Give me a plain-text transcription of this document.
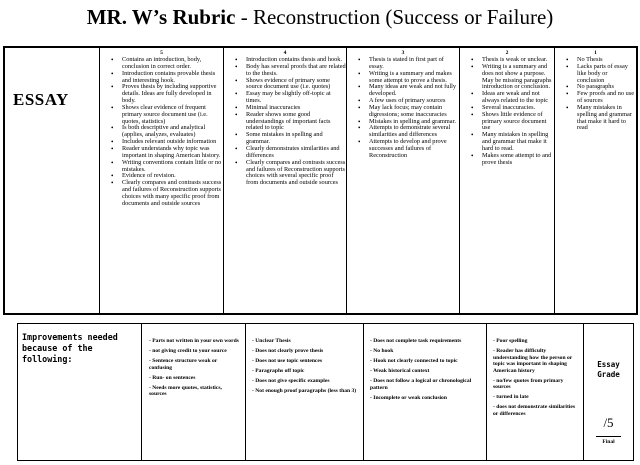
MR. W’s Rubric - Reconstruction (Success or Failure)
ESSAY
5
• Contains an introduction, body, conclusion in correct order.
• Introduction contains provable thesis and interesting hook.
• Proves thesis by including supportive details. Ideas are fully developed in body.
• Shows clear evidence of frequent primary source document use (i.e. quotes, statistics)
• Is both descriptive and analytical (applies, analyzes, evaluates)
• Includes relevant outside information
• Reader understands why topic was important in shaping American history.
• Writing conventions contain little or no mistakes.
• Evidence of revision.
• Clearly compares and contrasts success and failures of Reconstruction supports choices with many specific proof from documents and outside sources
4
• Introduction contains thesis and hook.
• Body has several proofs that are related to the thesis.
• Shows evidence of primary some source document use (i.e. quotes)
• Essay may be slightly off-topic at times.
• Minimal inaccuracies
• Reader shows some good understandings of important facts related to topic
• Some mistakes in spelling and grammar.
• Clearly demonstrates similarities and differences
• Clearly compares and contrasts success and failures of Reconstruction supports choices with several specific proof from documents and outside sources
3
• Thesis is stated in first part of essay.
• Writing is a summary and makes some attempt to prove a thesis.
• Many ideas are weak and not fully developed.
• A few uses of primary sources
• May lack focus; may contain digressions; some inaccuracies
• Mistakes in spelling and grammar.
• Attempts to demonstrate several similarities and differences
• Attempts to develop and prove successes and failures of Reconstruction
2
• Thesis is weak or unclear.
• Writing is a summary and does not show a purpose. May be missing paragraphs introduction or conclusion.
• Ideas are weak and not always related to the topic
• Several inaccuracies.
• Shows little evidence of primary source document use
• Many mistakes in spelling and grammar that make it hard to read.
• Makes some attempt to and prove thesis
1
• No Thesis
• Lacks parts of essay like body or conclusion
• No paragraphs
• Few proofs and no use of sources
• Many mistakes in spelling and grammar that make it hard to read
Improvements needed because of the following:
- Parts not written in your own words
- not giving credit to your source
- Sentence structure weak or confusing
- Run- on sentences
- Needs more quotes, statistics, sources
- Unclear Thesis
- Does not clearly prove thesis
- Does not use topic sentences
- Paragraphs off topic
- Does not give specific examples
- Not enough proof paragraphs (less than 3)
- Does not complete task requirements
- No hook
- Hook not clearly connected to topic
- Weak historical context
- Does not follow a logical or chronological pattern
- Incomplete or weak conclusion
- Poor spelling
- Reader has difficulty understanding how the person or topic was important in shaping American history
- no/few quotes from primary sources
- turned in late
- does not demonstrate similarities or differences
Essay
Grade
/5
Final
